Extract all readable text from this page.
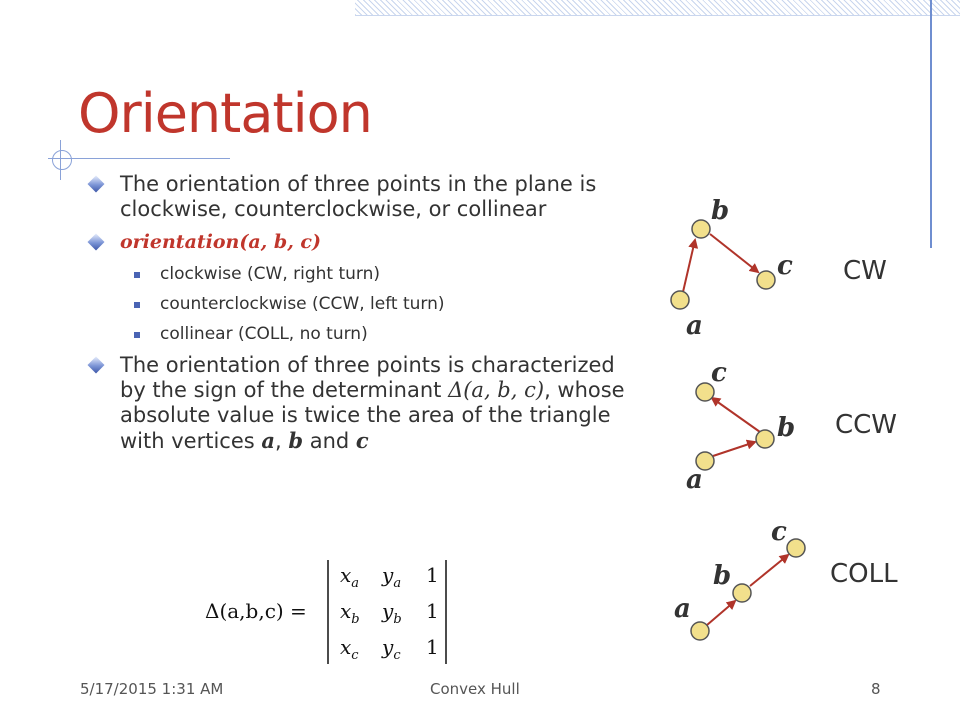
Orientation
The orientation of three points in the plane is clockwise, counterclockwise, or collinear
orientation(a, b, c)
clockwise (CW, right turn)
counterclockwise (CCW, left turn)
collinear (COLL, no turn)
The orientation of three points is characterized by the sign of the determinant Δ(a, b, c), whose absolute value is twice the area of the triangle with vertices a, b and c
a
b
c CW
a
b
c
CCW
a
b
c
COLL
Δ(a,b,c) =
$x_a$ $y_a$ 1
$x_b$ $y_b$ 1
$x_c$ $y_c$ 1
5/17/2015 1:31 AM	Convex Hull	8
